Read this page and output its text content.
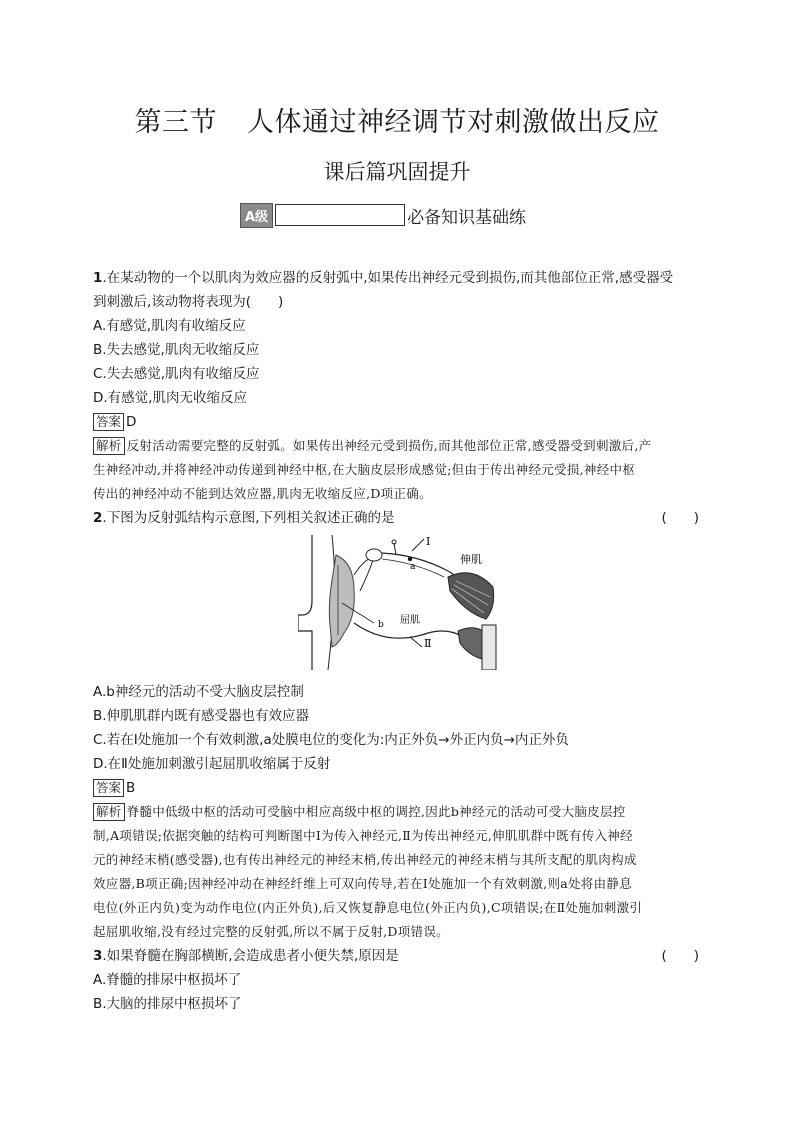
第三节 人体通过神经调节对刺激做出反应
课后篇巩固提升
A级	必备知识基础练
1.在某动物的一个以肌肉为效应器的反射弧中,如果传出神经元受到损伤,而其他部位正常,感受器受
到刺激后,该动物将表现为(　　)
A.有感觉,肌肉有收缩反应
B.失去感觉,肌肉无收缩反应
C.失去感觉,肌肉有收缩反应
D.有感觉,肌肉无收缩反应
答案 D
解析 反射活动需要完整的反射弧。如果传出神经元受到损伤,而其他部位正常,感受器受到刺激后,产
生神经冲动,并将神经冲动传递到神经中枢,在大脑皮层形成感觉;但由于传出神经元受损,神经中枢
传出的神经冲动不能到达效应器,肌肉无收缩反应,D项正确。
2.下图为反射弧结构示意图,下列相关叙述正确的是	(　　)
A.b神经元的活动不受大脑皮层控制
B.伸肌肌群内既有感受器也有效应器
C.若在Ⅰ处施加一个有效刺激,a处膜电位的变化为:内正外负→外正内负→内正外负
D.在Ⅱ处施加刺激引起屈肌收缩属于反射
答案 B
解析 脊髓中低级中枢的活动可受脑中相应高级中枢的调控,因此b神经元的活动可受大脑皮层控
制,A项错误;依据突触的结构可判断图中Ⅰ为传入神经元,Ⅱ为传出神经元,伸肌肌群中既有传入神经
元的神经末梢(感受器),也有传出神经元的神经末梢,传出神经元的神经末梢与其所支配的肌肉构成
效应器,B项正确;因神经冲动在神经纤维上可双向传导,若在Ⅰ处施加一个有效刺激,则a处将由静息
电位(外正内负)变为动作电位(内正外负),后又恢复静息电位(外正内负),C项错误;在Ⅱ处施加刺激引
起屈肌收缩,没有经过完整的反射弧,所以不属于反射,D项错误。
3.如果脊髓在胸部横断,会造成患者小便失禁,原因是	(　　)
A.脊髓的排尿中枢损坏了
B.大脑的排尿中枢损坏了
Ⅰ
a
b
Ⅱ
伸肌
屈肌
